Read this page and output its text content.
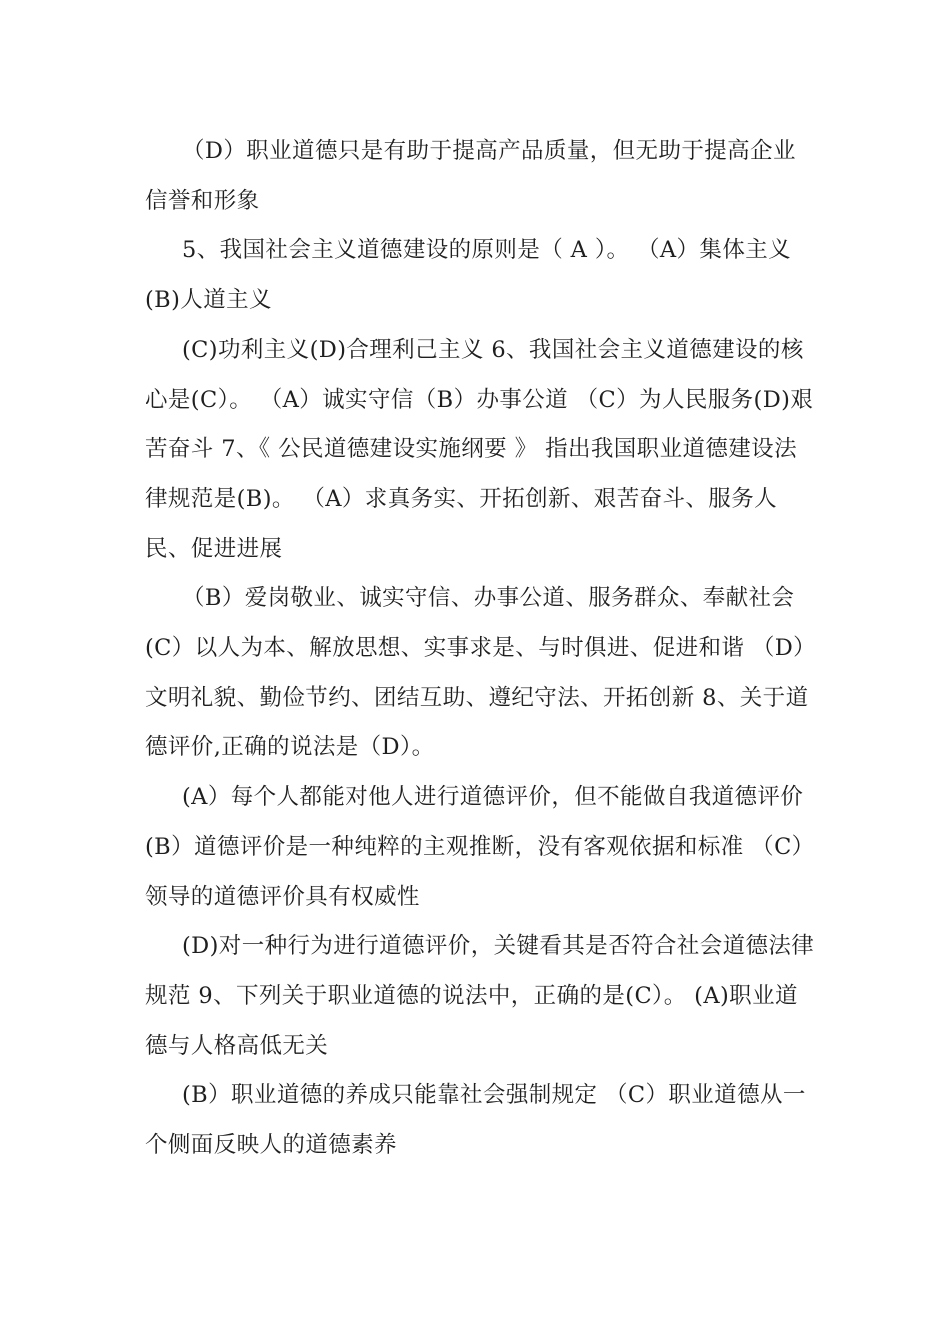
（D）职业道德只是有助于提高产品质量，但无助于提高企业信誉和形象

5、我国社会主义道德建设的原则是（ A ）。 （A）集体主义 (B)人道主义

(C)功利主义(D)合理利己主义 6、我国社会主义道德建设的核心是(C）。 （A）诚实守信（B）办事公道 （C）为人民服务(D)艰苦奋斗 7、《 公民道德建设实施纲要 》 指出我国职业道德建设法律规范是(B)。 （A）求真务实、开拓创新、艰苦奋斗、服务人民、促进进展

（B）爱岗敬业、诚实守信、办事公道、服务群众、奉献社会 (C）以人为本、解放思想、实事求是、与时俱进、促进和谐 （D）文明礼貌、勤俭节约、团结互助、遵纪守法、开拓创新 8、关于道德评价,正确的说法是（D）。

(A）每个人都能对他人进行道德评价，但不能做自我道德评价 (B）道德评价是一种纯粹的主观推断，没有客观依据和标准 （C）领导的道德评价具有权威性

(D)对一种行为进行道德评价，关键看其是否符合社会道德法律规范 9、下列关于职业道德的说法中，正确的是(C）。 (A)职业道德与人格高低无关

(B）职业道德的养成只能靠社会强制规定 （C）职业道德从一个侧面反映人的道德素养
